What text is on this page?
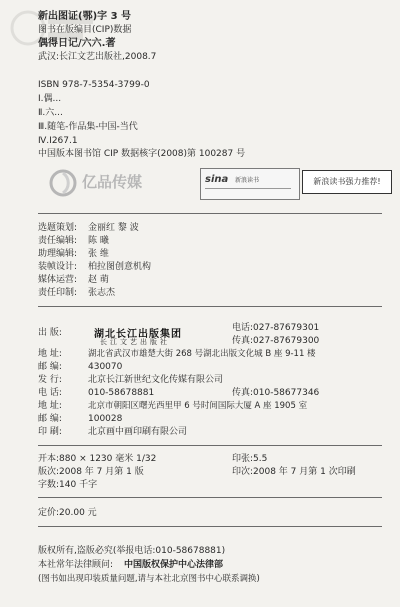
新出图证(鄂)字 3 号
图书在版编目(CIP)数据
偶得日记/六六.著
武汉:长江文艺出版社,2008.7
ISBN 978-7-5354-3799-0
Ⅰ.偶...
Ⅱ.六...
Ⅲ.随笔-作品集-中国-当代
Ⅳ.I267.1
中国版本图书馆 CIP 数据核字(2008)第 100287 号
亿品传媒	sina 新浪读书	新浪读书强力推荐!
选题策划: 金丽红 黎 波
责任编辑: 陈 曦
助理编辑: 张 维
装帧设计: 柏拉图创意机构
媒体运营: 赵 萌
责任印制: 张志杰
出 版:	湖北长江出版集团
长江文艺出版社
电话:027-87679301
传真:027-87679300
地 址:	湖北省武汉市雄楚大街 268 号湖北出版文化城 B 座 9-11 楼
邮 编:	430070
发 行:	北京长江新世纪文化传媒有限公司
电 话:	010-58678881	传真:010-58677346
地 址:	北京市朝阳区曙光西里甲 6 号时间国际大厦 A 座 1905 室
邮 编:	100028
印 刷:	北京画中画印刷有限公司
开本:880 × 1230 毫米 1/32	印张:5.5
版次:2008 年 7 月第 1 版	印次:2008 年 7 月第 1 次印刷
字数:140 千字
定价:20.00 元
版权所有,盗版必究(举报电话:010-58678881)
本社常年法律顾问: 中国版权保护中心法律部
(图书如出现印装质量问题,请与本社北京图书中心联系调换)
